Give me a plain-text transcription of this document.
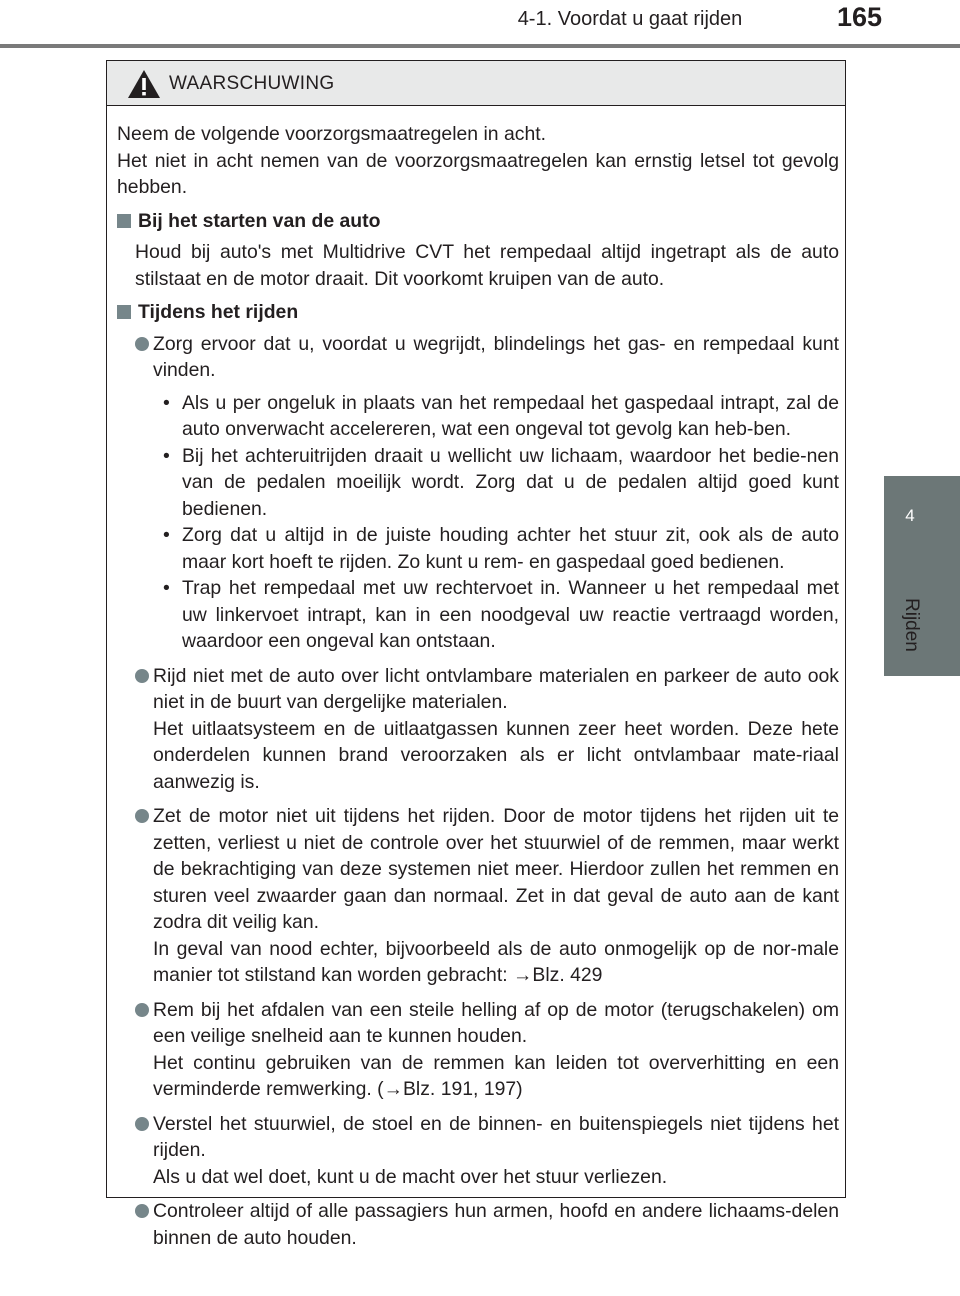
4-1. Voordat u gaat rijden	165
4
Rijden
WAARSCHUWING

Neem de volgende voorzorgsmaatregelen in acht.

Het niet in acht nemen van de voorzorgsmaatregelen kan ernstig letsel tot gevolg hebben.

Bij het starten van de auto

Houd bij auto's met Multidrive CVT het rempedaal altijd ingetrapt als de auto stilstaat en de motor draait. Dit voorkomt kruipen van de auto.

Tijdens het rijden

Zorg ervoor dat u, voordat u wegrijdt, blindelings het gas- en rempedaal kunt vinden.

• Als u per ongeluk in plaats van het rempedaal het gaspedaal intrapt, zal de auto onverwacht accelereren, wat een ongeval tot gevolg kan heb-ben.
• Bij het achteruitrijden draait u wellicht uw lichaam, waardoor het bedie-nen van de pedalen moeilijk wordt. Zorg dat u de pedalen altijd goed kunt bedienen.
• Zorg dat u altijd in de juiste houding achter het stuur zit, ook als de auto maar kort hoeft te rijden. Zo kunt u rem- en gaspedaal goed bedienen.
• Trap het rempedaal met uw rechtervoet in. Wanneer u het rempedaal met uw linkervoet intrapt, kan in een noodgeval uw reactie vertraagd worden, waardoor een ongeval kan ontstaan.

Rijd niet met de auto over licht ontvlambare materialen en parkeer de auto ook niet in de buurt van dergelijke materialen.

Het uitlaatsysteem en de uitlaatgassen kunnen zeer heet worden. Deze hete onderdelen kunnen brand veroorzaken als er licht ontvlambaar mate-riaal aanwezig is.

Zet de motor niet uit tijdens het rijden. Door de motor tijdens het rijden uit te zetten, verliest u niet de controle over het stuurwiel of de remmen, maar werkt de bekrachtiging van deze systemen niet meer. Hierdoor zullen het remmen en sturen veel zwaarder gaan dan normaal. Zet in dat geval de auto aan de kant zodra dit veilig kan.

In geval van nood echter, bijvoorbeeld als de auto onmogelijk op de nor-male manier tot stilstand kan worden gebracht: →Blz. 429

Rem bij het afdalen van een steile helling af op de motor (terugschakelen) om een veilige snelheid aan te kunnen houden.

Het continu gebruiken van de remmen kan leiden tot oververhitting en een verminderde remwerking. (→Blz. 191, 197)

Verstel het stuurwiel, de stoel en de binnen- en buitenspiegels niet tijdens het rijden.

Als u dat wel doet, kunt u de macht over het stuur verliezen.

Controleer altijd of alle passagiers hun armen, hoofd en andere lichaams-delen binnen de auto houden.
